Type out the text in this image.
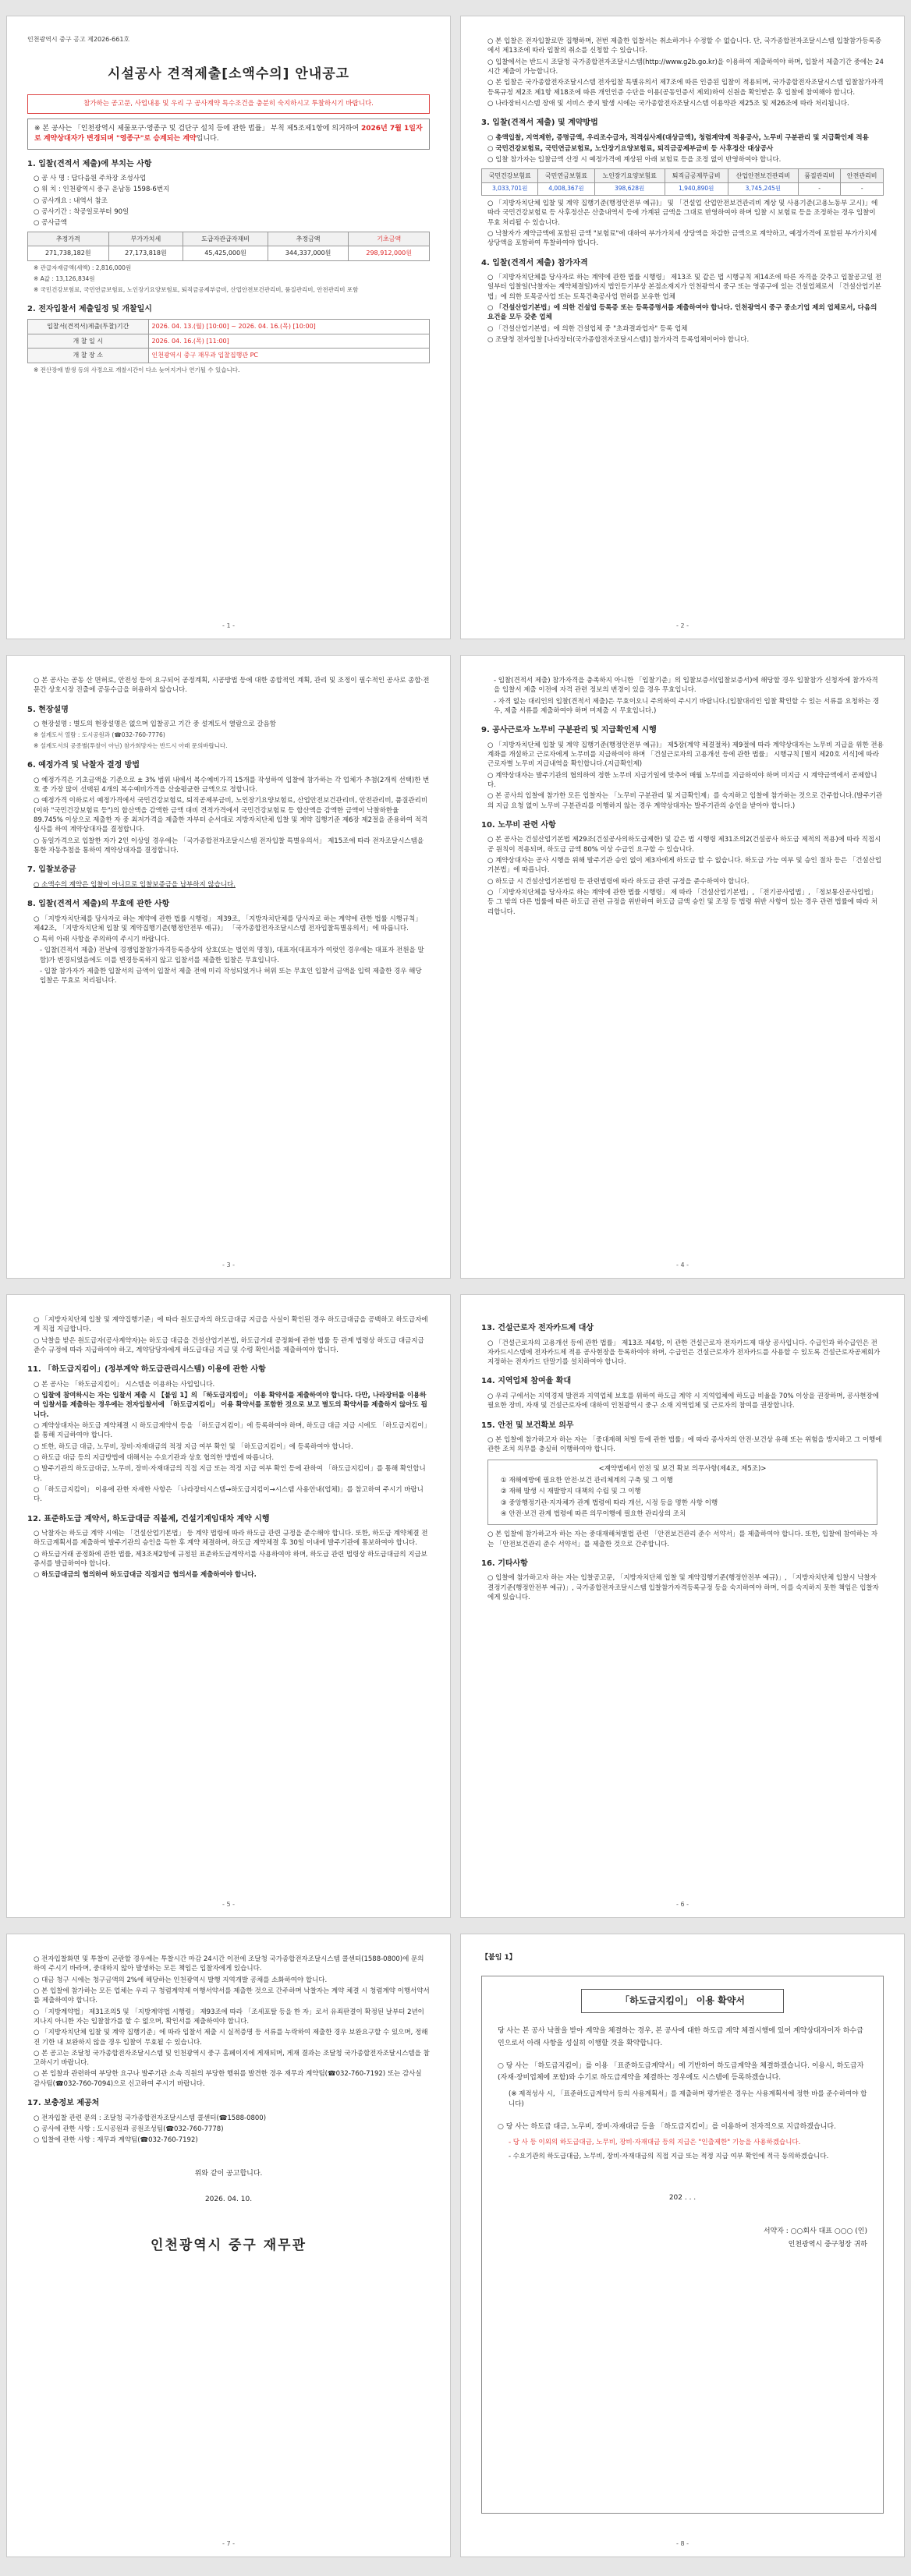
인천광역시 중구 공고 제2026-661호
시설공사 견적제출[소액수의] 안내공고
참가하는 공고문, 사업내용 및 우리 구 공사계약 특수조건을 충분히 숙지하시고 투찰하시기 바랍니다.
※ 본 공사는 「인천광역시 제물포구·영종구 및 검단구 설치 등에 관한 법률」 부칙 제5조제1항에 의거하여 2026년 7월 1일자로 계약상대자가 변경되며 "영종구"로 승계되는 계약입니다.
1. 입찰(견적서 제출)에 부치는 사항
○ 공 사 명 : 답다음원 주차장 조성사업
○ 위 치 : 인천광역시 중구 운남동 1598-6번지
○ 공사개요 : 내역서 참조
○ 공사기간 : 착공일로부터 90일
○ 공사금액
추정가격	부가가치세	도급자관급자재비	추정금액	기초금액
271,738,182원	27,173,818원	45,425,000원	344,337,000원	298,912,000원
※ 관급자재금액(세액) : 2,816,000원
※ A값 : 13,126,834원
※ 국민건강보험료, 국민연금보험료, 노인장기요양보험료, 퇴직금공제부금비, 산업안전보건관리비, 품질관리비, 안전관리비 포함
2. 전자입찰서 제출일정 및 개찰일시
입찰서(견적서)제출(투찰)기간	2026. 04. 13.(월) [10:00] ~ 2026. 04. 16.(목) [10:00]
개 찰 일 시	2026. 04. 16.(목) [11:00]
개 찰 장 소	인천광역시 중구 재무과 입찰집행관 PC
※ 전산장애 발생 등의 사정으로 개찰시간이 다소 늦어지거나 연기될 수 있습니다.
- 1 -
○ 본 입찰은 전자입찰로만 집행하며, 전번 제출한 입찰서는 취소하거나 수정할 수 없습니다. 단, 국가종합전자조달시스템 입찰참가등록증에서 제13조에 따라 입찰의 취소를 신청할 수 있습니다.
○ 입찰에서는 반드시 조달청 국가종합전자조달시스템(http://www.g2b.go.kr)을 이용하여 제출하여야 하며, 입찰서 제출기간 중에는 24시간 제출이 가능합니다.
○ 본 입찰은 국가종합전자조달시스템 전자입찰 특별유의서 제7조에 따른 인증된 입찰이 적용되며, 국가종합전자조달시스템 입찰참가자격등록규정 제2조 제1항 제18조에 따른 개인인증 수단을 이용(공동인증서 제외)하여 신원을 확인받은 후 입찰에 참여해야 합니다.
○ 나라장터시스템 장애 및 서비스 중지 발생 시에는 국가종합전자조달시스템 이용약관 제25조 및 제26조에 따라 처리됩니다.
3. 입찰(견적서 제출) 및 계약방법
○ 총액입찰, 지역제한, 증명금액, 우리조수급자, 적격심사제(대상금액), 청렴계약제 적용공사, 노무비 구분관리 및 지급확인제 적용
○ 국민건강보험료, 국민연금보험료, 노인장기요양보험료, 퇴직금공제부금비 등 사후정산 대상공사
○ 입찰 참가자는 입찰금액 산정 시 예정가격에 계상된 아래 보험료 등을 조정 없이 반영하여야 합니다.
국민건강보험료	국민연금보험료	노인장기요양보험료	퇴직금공제부금비	산업안전보건관리비	품질관리비	안전관리비
3,033,701원	4,008,367원	398,628원	1,940,890원	3,745,245원	-	-
○ 「지방자치단체 입찰 및 계약 집행기준(행정안전부 예규)」 및 「건설업 산업안전보건관리비 계상 및 사용기준(고용노동부 고시)」에 따라 국민건강보험료 등 사후정산은 산출내역서 등에 가계된 금액을 그대로 반영하여야 하며 입찰 시 보험료 등을 조정하는 경우 입찰이 무효 처리될 수 있습니다.
○ 낙찰자가 계약금액에 포함된 금액 "보험료"에 대하여 부가가치세 상당액을 차감한 금액으로 계약하고, 예정가격에 포함된 부가가치세 상당액을 포함하여 투찰하여야 합니다.
4. 입찰(견적서 제출) 참가자격
○ 「지방자치단체를 당사자로 하는 계약에 관한 법률 시행령」 제13조 및 같은 법 시행규칙 제14조에 따른 자격을 갖추고 입찰공고일 전일부터 입찰일(낙찰자는 계약체결일)까지 법인등기부상 본점소재지가 인천광역시 중구 또는 영종구에 있는 건설업체로서 「건설산업기본법」에 의한 토목공사업 또는 토목건축공사업 면허를 보유한 업체
○ 「건설산업기본법」에 의한 건설업 등록증 또는 등록증명서를 제출하여야 합니다. 인천광역시 중구 중소기업 제외 업체로서, 다음의 요건을 모두 갖춘 업체
○ 「건설산업기본법」에 의한 건설업체 중 "초과결과업자" 등록 업체
○ 조달청 전자입찰 [나라장터(국가종합전자조달시스템)] 참가자격 등록업체이어야 합니다.
- 2 -
○ 본 공사는 공동 산 면허로, 안전성 등이 요구되어 공정계획, 시공방법 등에 대한 종합적인 계획, 관리 및 조정이 필수적인 공사로 종합·전문간 상호시장 진출에 공동수급을 허용하지 않습니다.
5. 현장설명
○ 현장설명 : 별도의 현장설명은 없으며 입찰공고 기간 중 설계도서 열람으로 갈음함
※ 설계도서 열람 : 도시공원과 (☎032-760-7776)
※ 설계도서의 공종별(투찰이 아닌) 참가희망자는 반드시 아래 문의바랍니다.
6. 예정가격 및 낙찰자 결정 방법
○ 예정가격은 기초금액을 기준으로 ± 3% 범위 내에서 복수예비가격 15개를 작성하여 입찰에 참가하는 각 업체가 추첨(2개씩 선택)한 번호 중 가장 많이 선택된 4개의 복수예비가격을 산술평균한 금액으로 정합니다.
○ 예정가격 이하로서 예정가격에서 국민건강보험료, 퇴직공제부금비, 노인장기요양보험료, 산업안전보건관리비, 안전관리비, 품질관리비(이하 "국민건강보험료 등")의 합산액을 감액한 금액 대비 견적가격에서 국민건강보험료 등 합산액을 감액한 금액이 낙찰하한율 89.745% 이상으로 제출한 자 중 최저가격을 제출한 자부터 순서대로 지방자치단체 입찰 및 계약 집행기준 제6장 제2절을 준용하여 적격심사를 하여 계약상대자를 결정합니다.
○ 동일가격으로 입찰한 자가 2인 이상일 경우에는 「국가종합전자조달시스템 전자입찰 특별유의서」 제15조에 따라 전자조달시스템을 통한 자동추첨을 통하여 계약상대자를 결정합니다.
7. 입찰보증금
○ 소액수의 계약은 입찰이 아니므로 입찰보증금을 납부하지 않습니다.
8. 입찰(견적서 제출)의 무효에 관한 사항
○ 「지방자치단체를 당사자로 하는 계약에 관한 법률 시행령」 제39조, 「지방자치단체를 당사자로 하는 계약에 관한 법률 시행규칙」 제42조, 「지방자치단체 입찰 및 계약집행기준(행정안전부 예규)」 「국가종합전자조달시스템 전자입찰특별유의서」에 따릅니다.
○ 특히 아래 사항을 주의하여 주시기 바랍니다.
- 입찰(견적서 제출) 전날에 경쟁입찰참가자격등록증상의 상호(또는 법인의 명칭), 대표자(대표자가 여럿인 경우에는 대표자 전원을 말함)가 변경되었음에도 이를 변경등록하지 않고 입찰서를 제출한 입찰은 무효입니다.
- 입찰 참가자가 제출한 입찰서의 금액이 입찰서 제출 전에 미리 작성되었거나 허위 또는 무효인 입찰서 금액을 입력 제출한 경우 해당 입찰은 무효로 처리됩니다.
- 3 -
- 입찰(견적서 제출) 참가자격을 충족하지 아니한 「입찰기준」의 입찰보증서(입찰보증서)에 해당할 경우 입찰참가 신청자에 참가자격을 입찰서 제출 이전에 자격 관련 정보의 변경이 있을 경우 무효입니다.
- 자격 없는 대리인의 입찰(견적서 제출)은 무효이오니 주의하여 주시기 바랍니다.(입찰대리인 입찰 확인할 수 있는 서류를 요청하는 경우, 제출 서류를 제출하여야 하며 미제출 시 무효입니다.)
9. 공사근로자 노무비 구분관리 및 지급확인제 시행
○ 「지방자치단체 입찰 및 계약 집행기준(행정안전부 예규)」 제5장(계약 체결절차) 제9절에 따라 계약상대자는 노무비 지급을 위한 전용계좌를 개설하고 근로자에게 노무비를 지급하여야 하며 「건설근로자의 고용개선 등에 관한 법률」 시행규칙 [별지 제20호 서식]에 따라 근로자별 노무비 지급내역을 확인합니다.(지급확인제)
○ 계약상대자는 발주기관의 협의하여 정한 노무비 지급기일에 맞추어 매월 노무비를 지급하여야 하며 미지급 시 계약금액에서 공제합니다.
○ 본 공사의 입찰에 참가한 모든 입찰자는 「노무비 구분관리 및 지급확인제」를 숙지하고 입찰에 참가하는 것으로 간주합니다.(발주기관의 지급 요청 없이 노무비 구분관리를 이행하지 않는 경우 계약상대자는 발주기관의 승인을 받아야 합니다.)
10. 노무비 관련 사항
○ 본 공사는 건설산업기본법 제29조(건설공사의하도급제한) 및 같은 법 시행령 제31조의2(건설공사 하도급 제적의 적용)에 따라 직접시공 원칙이 적용되며, 하도급 금액 80% 이상 수급인 요구할 수 있습니다.
○ 계약상대자는 공사 시행을 위해 발주기관 승인 없이 제3자에게 하도급 할 수 없습니다. 하도급 가능 여부 및 승인 절차 등은 「건설산업기본법」에 따릅니다.
○ 하도급 시 건설산업기본법령 등 관련법령에 따라 하도급 관련 규정을 준수하여야 합니다.
○ 「지방자치단체를 당사자로 하는 계약에 관한 법률 시행령」 제 따라 「건설산업기본법」, 「전기공사업법」, 「정보통신공사업법」 등 그 밖의 다른 법률에 따른 하도급 관련 규정을 위반하여 하도급 금액 승인 및 조정 등 법령 위반 사항이 있는 경우 관련 법률에 따라 처리합니다.
- 4 -
○ 「지방자치단체 입찰 및 계약집행기준」에 따라 원도급자의 하도급대금 지급을 사실이 확인된 경우 하도급대금을 공백하고 하도급자에게 직접 지급합니다.
○ 낙찰을 받은 원도급자(공사계약자)는 하도급 대금을 건설산업기본법, 하도급거래 공정화에 관한 법률 등 관계 법령상 하도급 대금지급 준수 규정에 따라 지급하여야 하고, 계약담당자에게 하도급대금 지급 및 수령 확인서를 제출하여야 합니다.
11. 「하도급지킴이」(정부계약 하도급관리시스템) 이용에 관한 사항
○ 본 공사는 「하도급지킴이」 시스템을 이용하는 사업입니다.
○ 입찰에 참여하시는 자는 입찰서 제출 시 【붙임 1】의 「하도급지킴이」 이용 확약서를 제출하여야 합니다. 다만, 나라장터를 이용하여 입찰서를 제출하는 경우에는 전자입찰서에 「하도급지킴이」 이용 확약서를 포함한 것으로 보고 별도의 확약서를 제출하지 않아도 됩니다.
○ 계약상대자는 하도급 계약체결 시 하도급계약서 등을 「하도급지킴이」에 등록하여야 하며, 하도급 대금 지급 시에도 「하도급지킴이」를 통해 지급하여야 합니다.
○ 또한, 하도급 대금, 노무비, 장비·자재대금의 적정 지급 여부 확인 및 「하도급지킴이」에 등록하여야 합니다.
○ 하도급 대금 등의 지급방법에 대해서는 수요기관과 상호 협의한 방법에 따릅니다.
○ 발주기관의 하도급대금, 노무비, 장비·자재대금의 직접 지급 또는 적정 지급 여부 확인 등에 관하여 「하도급지킴이」를 통해 확인합니다.
○ 「하도급지킴이」 이용에 관한 자세한 사항은 「나라장터시스템→하도급지킴이→시스템 사용안내(업체)」를 참고하여 주시기 바랍니다.
12. 표준하도급 계약서, 하도급대금 직불제, 건설기계임대차 계약 시행
○ 낙찰자는 하도급 계약 시에는 「건설산업기본법」 등 계약 법령에 따라 하도급 관련 규정을 준수해야 합니다. 또한, 하도급 계약체결 전 하도급계획서를 제출하여 발주기관의 승인을 득한 후 계약 체결하며, 하도급 계약체결 후 30일 이내에 발주기관에 통보하여야 합니다.
○ 하도급거래 공정화에 관한 법률, 제3조제2항에 규정된 표준하도급계약서를 사용하여야 하며, 하도급 관련 법령상 하도급대금의 지급보증서를 발급하여야 합니다.
○ 하도급대금의 협의하여 하도급대금 직접지급 협의서를 제출하여야 합니다.
- 5 -
13. 건설근로자 전자카드제 대상
○ 「건설근로자의 고용개선 등에 관한 법률」 제13조 제4항, 이 관한 건설근로자 전자카드제 대상 공사입니다. 수급인과 하수급인은 전자카드시스템에 전자카드제 적용 공사현장을 등록하여야 하며, 수급인은 건설근로자가 전자카드를 사용할 수 있도록 건설근로자공제회가 지정하는 전자카드 단말기를 설치하여야 합니다.
14. 지역업체 참여율 확대
○ 우리 구에서는 지역경제 발전과 지역업체 보호를 위하여 하도급 계약 시 지역업체에 하도급 비율을 70% 이상을 권장하며, 공사현장에 필요한 장비, 자재 및 건설근로자에 대하여 인천광역시 중구 소재 지역업체 및 근로자의 참여를 권장합니다.
15. 안전 및 보건확보 의무
○ 본 입찰에 참가하고자 하는 자는 「중대재해 처벌 등에 관한 법률」에 따라 종사자의 안전·보건상 유해 또는 위험을 방지하고 그 이행에 관한 조치 의무를 충실히 이행하여야 합니다.
<계약법에서 안전 및 보건 확보 의무사항(제4조, 제5조)>
① 재해예방에 필요한 안전·보건 관리체계의 구축 및 그 이행
② 재해 발생 시 재발방지 대책의 수립 및 그 이행
③ 중앙행정기관·지자체가 관계 법령에 따라 개선, 시정 등을 명한 사항 이행
④ 안전·보건 관계 법령에 따른 의무이행에 필요한 관리상의 조치
○ 본 입찰에 참가하고자 하는 자는 중대재해처벌법 관련 「안전보건관리 준수 서약서」를 제출하여야 합니다. 또한, 입찰에 참여하는 자는 「안전보건관리 준수 서약서」를 제출한 것으로 간주합니다.
16. 기타사항
○ 입찰에 참가하고자 하는 자는 입찰공고문, 「지방자치단체 입찰 및 계약집행기준(행정안전부 예규)」, 「지방자치단체 입찰시 낙찰자 결정기준(행정안전부 예규)」, 국가종합전자조달시스템 입찰참가자격등록규정 등을 숙지하여야 하며, 이를 숙지하지 못한 책임은 입찰자에게 있습니다.
- 6 -
○ 전자입찰화면 및 투찰이 곤란할 경우에는 투찰시간 마감 24시간 이전에 조달청 국가종합전자조달시스템 콜센터(1588-0800)에 문의하여 주시기 바라며, 중대하지 않아 발생하는 모든 책임은 입찰자에게 있습니다.
○ 대금 청구 시에는 청구금액의 2%에 해당하는 인천광역시 발행 지역개발 공채를 소화하여야 합니다.
○ 본 입찰에 참가하는 모든 업체는 우리 구 청렴계약제 이행서약서를 제출한 것으로 간주하며 낙찰자는 계약 체결 시 청렴계약 이행서약서를 제출하여야 합니다.
○ 「지방계약법」 제31조의5 및 「지방계약법 시행령」 제93조에 따라 「조세포탈 등을 한 자」로서 유죄판결이 확정된 날부터 2년이 지나지 아니한 자는 입찰참가를 할 수 없으며, 확인서를 제출하여야 합니다.
○ 「지방자치단체 입찰 및 계약 집행기준」에 따라 입찰서 제출 시 실적증명 등 서류를 누락하여 제출한 경우 보완요구할 수 있으며, 정해진 기한 내 보완하지 않을 경우 입찰이 무효될 수 있습니다.
○ 본 공고는 조달청 국가종합전자조달시스템 및 인천광역시 중구 홈페이지에 게재되며, 게재 결과는 조달청 국가종합전자조달시스템을 참고하시기 바랍니다.
○ 본 입찰과 관련하여 부당한 요구나 발주기관 소속 직원의 부당한 행위를 발견한 경우 재무과 계약팀(☎032-760-7192) 또는 감사실 감사팀(☎032-760-7094)으로 신고하여 주시기 바랍니다.
17. 보충정보 제공처
○ 전자입찰 관련 문의 : 조달청 국가종합전자조달시스템 콜센터(☎1588-0800)
○ 공사에 관한 사항 : 도시공원과 공원조성팀(☎032-760-7778)
○ 입찰에 관한 사항 : 재무과 계약팀(☎032-760-7192)
위와 같이 공고합니다.
2026. 04. 10.
인천광역시 중구 재무관
- 7 -
【붙임 1】
「하도급지킴이」 이용 확약서
당 사는 본 공사 낙찰을 받아 계약을 체결하는 경우, 본 공사에 대한 하도급 계약 체결시행에 있어 계약상대자이자 하수급인으로서 아래 사항을 성실히 이행할 것을 확약합니다.
○ 당 사는 「하도급지킴이」를 이용 「표준하도급계약서」에 기반하여 하도급계약을 체결하겠습니다. 이용시, 하도급자(자재·장비업체에 포함)와 수기로 하도급계약을 체결하는 경우에도 시스템에 등록하겠습니다.
(※ 제적성사 시, 「표준하도급계약서 등의 사용계획서」를 제출하며 평가받은 경우는 사용계획서에 정한 바를 준수하여야 합니다)
○ 당 사는 하도급 대금, 노무비, 장비·자재대금 등을 「하도급지킴이」를 이용하여 전자적으로 지급하겠습니다.
- 당 사 등 이외의 하도급대금, 노무비, 장비·자재대금 등의 지급은 "인출제한" 기능을 사용하겠습니다.
- 수요기관의 하도급대금, 노무비, 장비·자재대금의 직접 지급 또는 적정 지급 여부 확인에 적극 동의하겠습니다.
202 . . .
서약자 : ○○회사 대표 ○○○ (인)
인천광역시 중구청장 귀하
- 8 -
